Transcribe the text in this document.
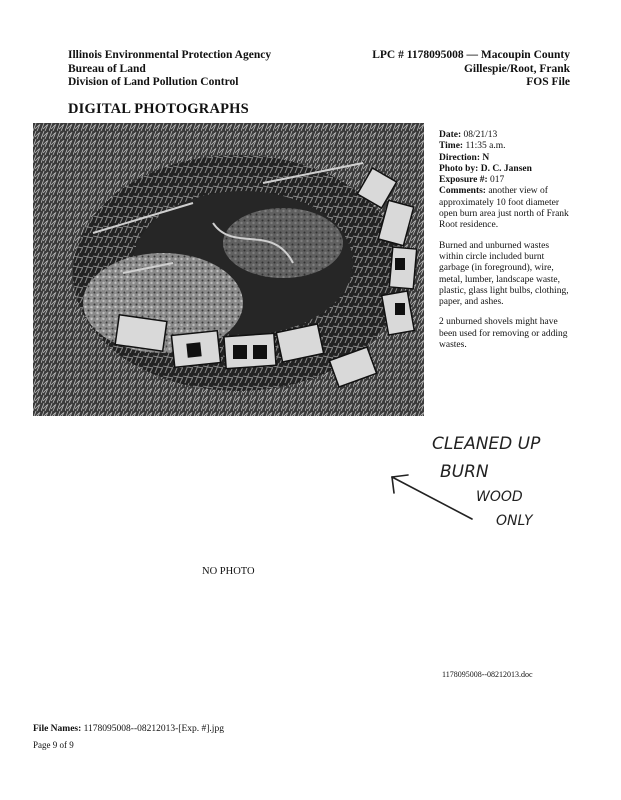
Illinois Environmental Protection Agency
Bureau of Land
Division of Land Pollution Control
LPC # 1178095008 — Macoupin County
Gillespie/Root, Frank
FOS File
DIGITAL PHOTOGRAPHS

Date: 08/21/13

Time: 11:35 a.m.

Direction: N

Photo by: D. C. Jansen

Exposure #: 017

Comments: another view of approximately 10 foot diameter open burn area just north of Frank Root residence.

Burned and unburned wastes within circle included burnt garbage (in foreground), wire, metal, lumber, landscape waste, plastic, glass light bulbs, clothing, paper, and ashes.

2 unburned shovels might have been used for removing or adding wastes.

CLEANED UP
BURN
WOOD
ONLY
NO PHOTO
1178095008--08212013.doc
File Names: 1178095008--08212013-[Exp. #].jpg
Page 9 of 9
